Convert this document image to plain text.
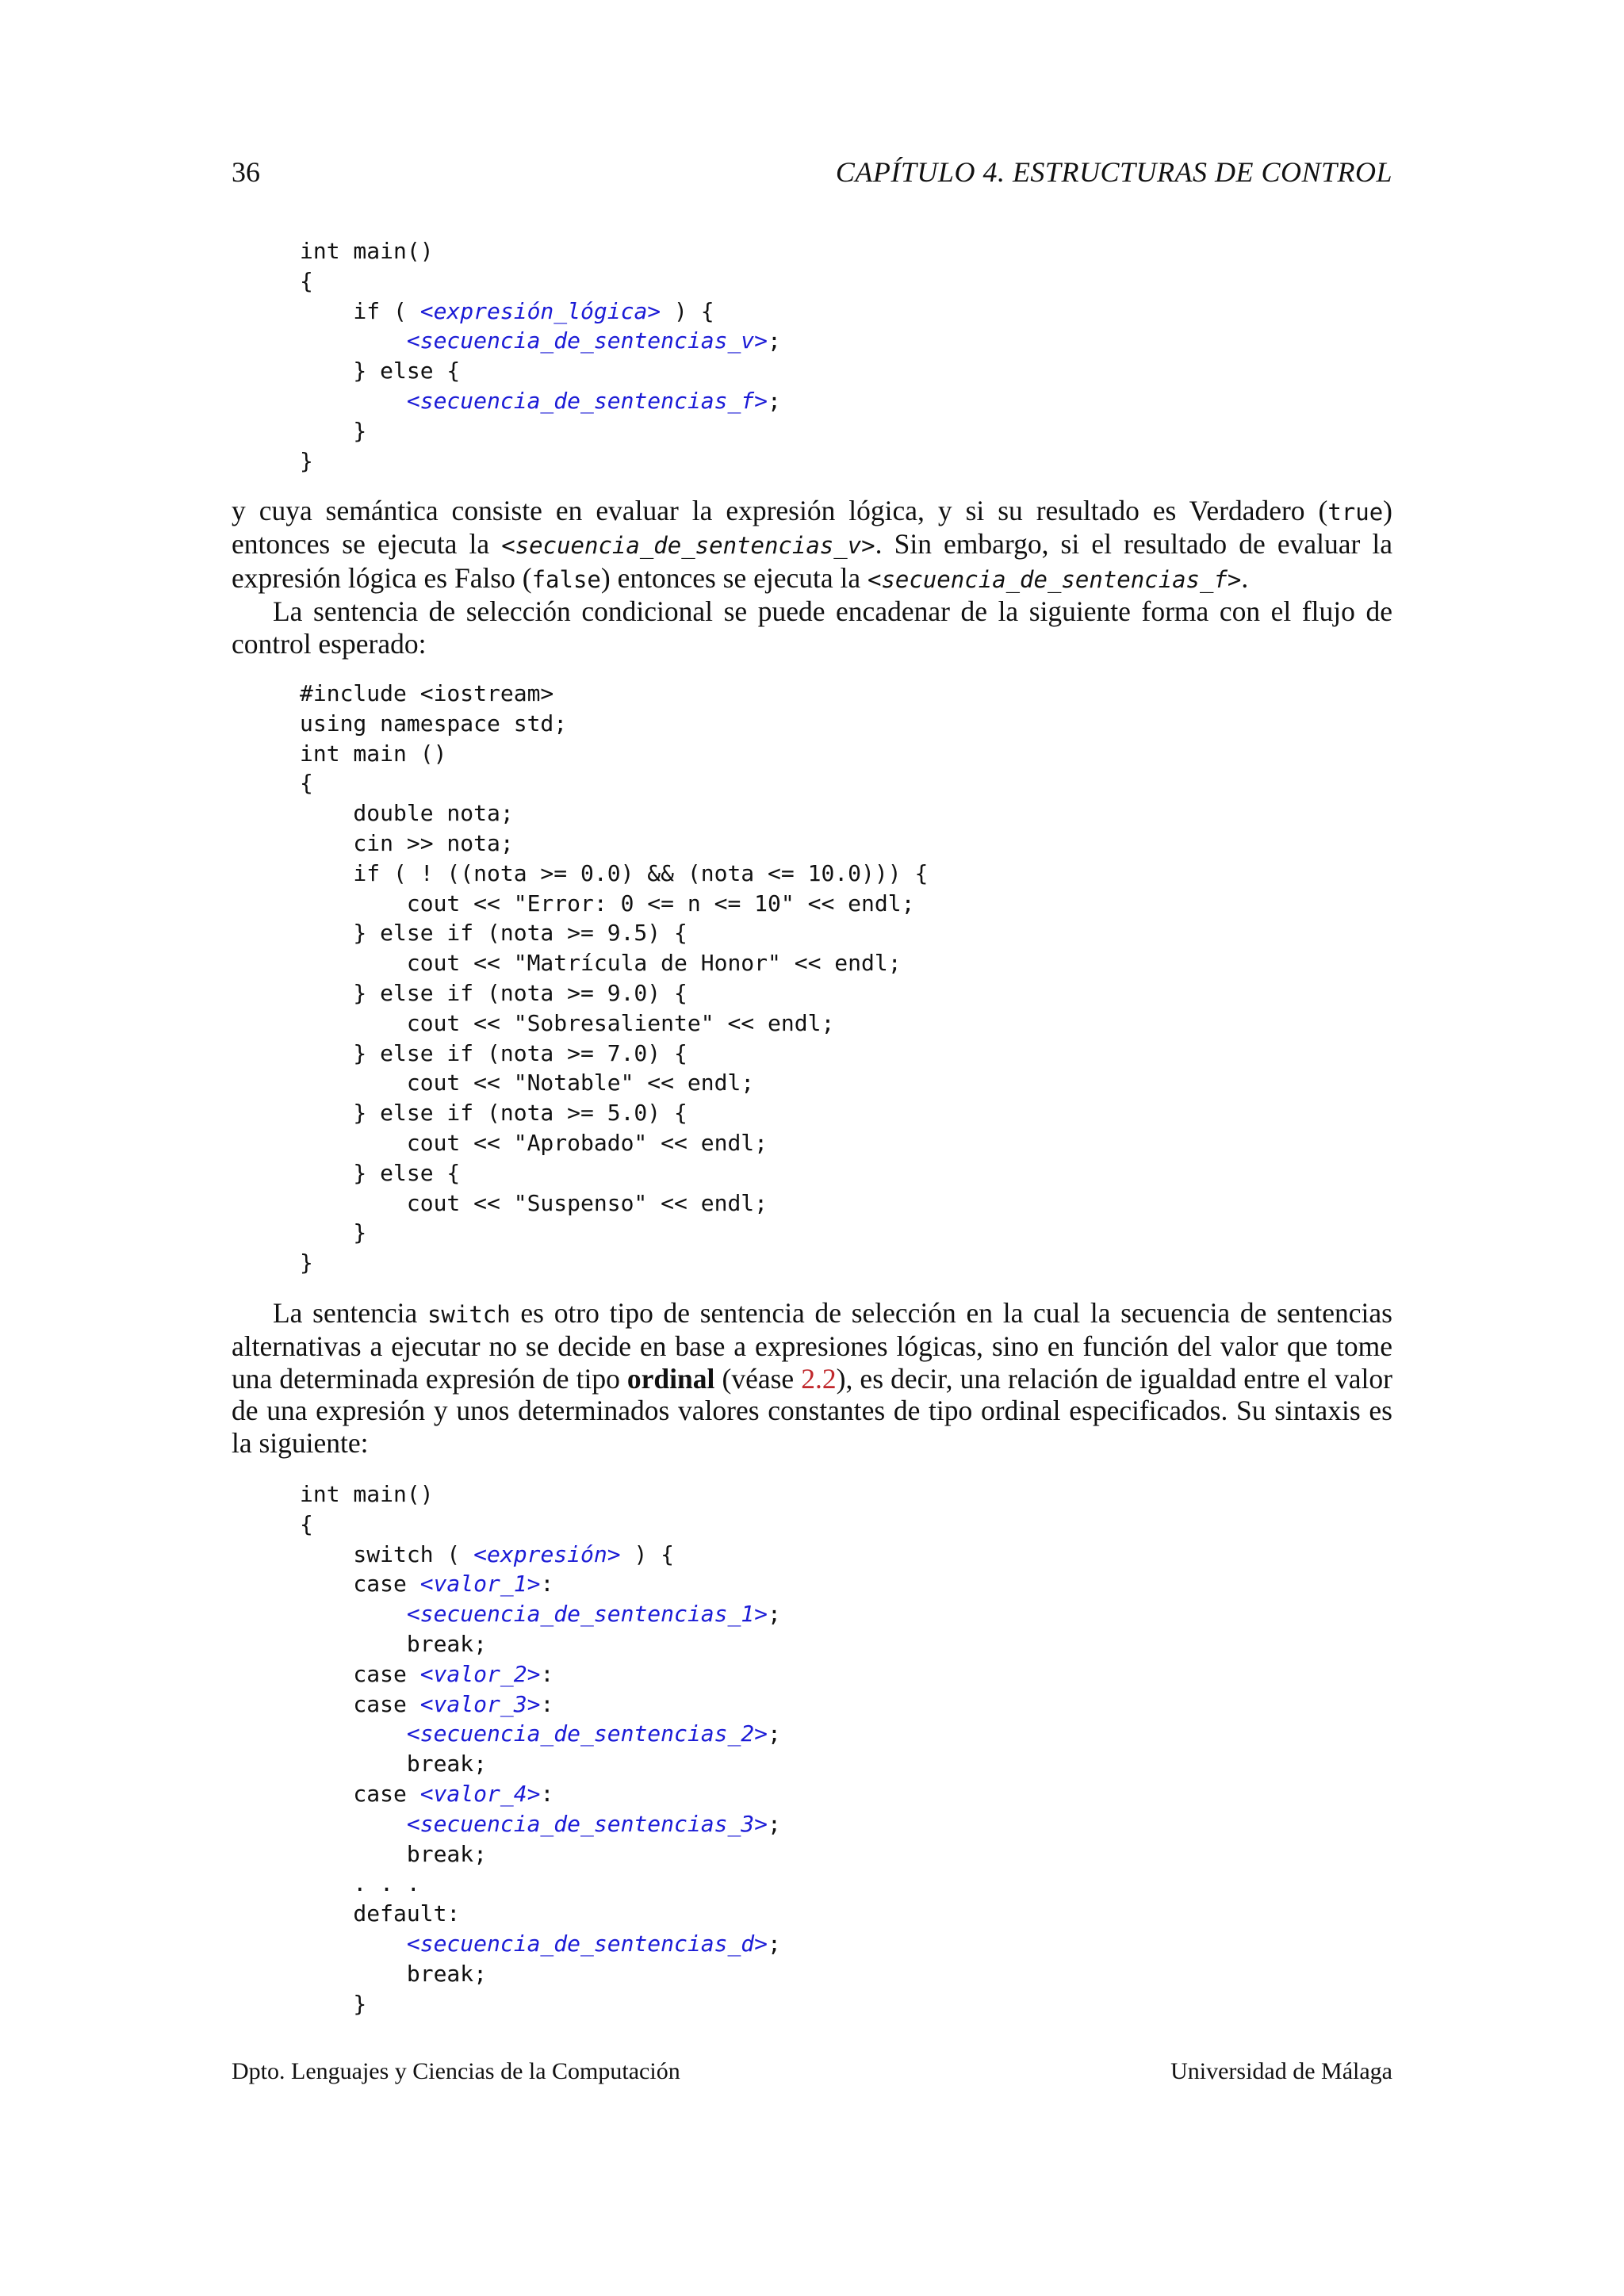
36	CAPÍTULO 4. ESTRUCTURAS DE CONTROL
int main()
{
if ( <expresión_lógica> ) {
<secuencia_de_sentencias_v>;
} else {
<secuencia_de_sentencias_f>;
}
}

y cuya semántica consiste en evaluar la expresión lógica, y si su resultado es Verdadero (true) entonces se ejecuta la <secuencia_de_sentencias_v>. Sin embargo, si el resultado de evaluar la expresión lógica es Falso (false) entonces se ejecuta la <secuencia_de_sentencias_f>.
La sentencia de selección condicional se puede encadenar de la siguiente forma con el flujo de control esperado:

#include <iostream>
using namespace std;
int main ()
{
double nota;
cin >> nota;
if ( ! ((nota >= 0.0) && (nota <= 10.0))) {
cout << "Error: 0 <= n <= 10" << endl;
} else if (nota >= 9.5) {
cout << "Matrícula de Honor" << endl;
} else if (nota >= 9.0) {
cout << "Sobresaliente" << endl;
} else if (nota >= 7.0) {
cout << "Notable" << endl;
} else if (nota >= 5.0) {
cout << "Aprobado" << endl;
} else {
cout << "Suspenso" << endl;
}
}

La sentencia switch es otro tipo de sentencia de selección en la cual la secuencia de sentencias alternativas a ejecutar no se decide en base a expresiones lógicas, sino en función del valor que tome una determinada expresión de tipo ordinal (véase 2.2), es decir, una relación de igualdad entre el valor de una expresión y unos determinados valores constantes de tipo ordinal especificados. Su sintaxis es la siguiente:

int main()
{
switch ( <expresión> ) {
case <valor_1>:
<secuencia_de_sentencias_1>;
break;
case <valor_2>:
case <valor_3>:
<secuencia_de_sentencias_2>;
break;
case <valor_4>:
<secuencia_de_sentencias_3>;
break;
. . .
default:
<secuencia_de_sentencias_d>;
break;
}
Dpto. Lenguajes y Ciencias de la Computación	Universidad de Málaga
